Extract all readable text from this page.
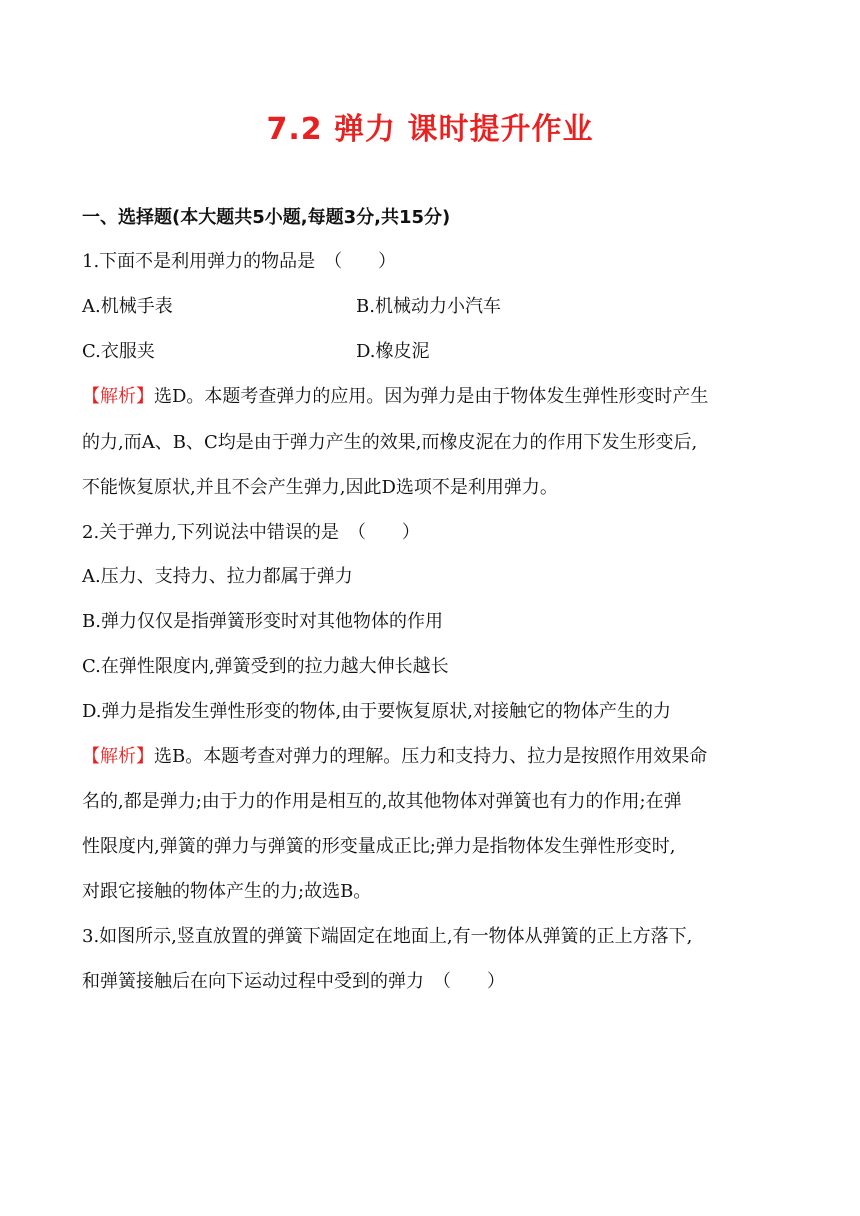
7.2 弹力 课时提升作业
一、选择题(本大题共5小题,每题3分,共15分)
1.下面不是利用弹力的物品是　（　　）
A.机械手表	B.机械动力小汽车
C.衣服夹	D.橡皮泥
【解析】选D。本题考查弹力的应用。因为弹力是由于物体发生弹性形变时产生
的力,而A、B、C均是由于弹力产生的效果,而橡皮泥在力的作用下发生形变后,
不能恢复原状,并且不会产生弹力,因此D选项不是利用弹力。
2.关于弹力,下列说法中错误的是　（　　）
A.压力、支持力、拉力都属于弹力
B.弹力仅仅是指弹簧形变时对其他物体的作用
C.在弹性限度内,弹簧受到的拉力越大伸长越长
D.弹力是指发生弹性形变的物体,由于要恢复原状,对接触它的物体产生的力
【解析】选B。本题考查对弹力的理解。压力和支持力、拉力是按照作用效果命
名的,都是弹力;由于力的作用是相互的,故其他物体对弹簧也有力的作用;在弹
性限度内,弹簧的弹力与弹簧的形变量成正比;弹力是指物体发生弹性形变时,
对跟它接触的物体产生的力;故选B。
3.如图所示,竖直放置的弹簧下端固定在地面上,有一物体从弹簧的正上方落下,
和弹簧接触后在向下运动过程中受到的弹力　（　　）
